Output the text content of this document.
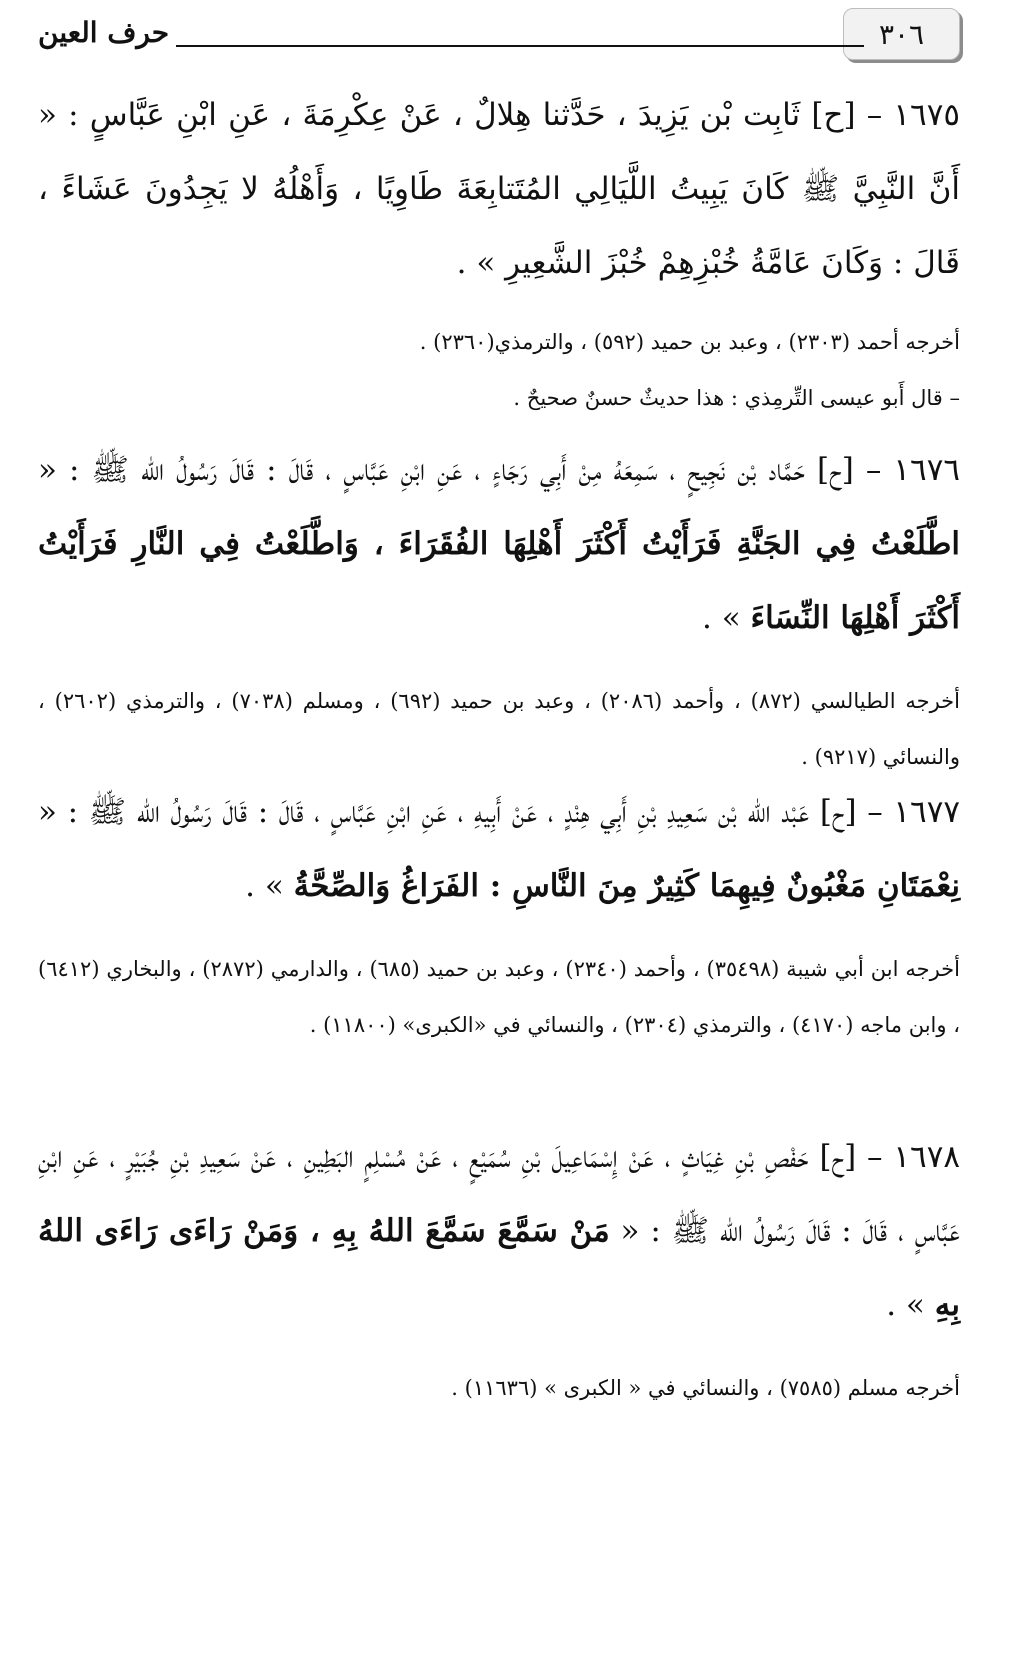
٣٠٦
حرف العين

١٦٧٥ – [ح] ثَابِت بْن يَزِيدَ ، حَدَّثنا هِلالٌ ، عَنْ عِكْرِمَةَ ، عَنِ ابْنِ عَبَّاسٍ : « أَنَّ النَّبِيَّ ﷺ كَانَ يَبِيتُ اللَّيَالِي المُتَتابِعَةَ طَاوِيًا ، وَأَهْلُهُ لا يَجِدُونَ عَشَاءً ، قَالَ : وَكَانَ عَامَّةُ خُبْزِهِمْ خُبْزَ الشَّعِيرِ » .

أخرجه أحمد (٢٣٠٣) ، وعبد بن حميد (٥٩٢) ، والترمذي(٢٣٦٠) .

– قال أَبو عيسى التِّرمِذي : هذا حديثٌ حسنٌ صحيحٌ .

١٦٧٦ – [ح] حَمَّاد بْن نَجِيحٍ ، سَمِعَهُ مِنْ أَبِي رَجَاءٍ ، عَنِ ابْنِ عَبَّاسٍ ، قَالَ : قَالَ رَسُولُ الله ﷺ : « اطَّلَعْتُ فِي الجَنَّةِ فَرَأَيْتُ أَكْثَرَ أَهْلِهَا الفُقَرَاءَ ، وَاطَّلَعْتُ فِي النَّارِ فَرَأَيْتُ أَكْثَرَ أَهْلِهَا النِّسَاءَ » .

أخرجه الطيالسي (٨٧٢) ، وأحمد (٢٠٨٦) ، وعبد بن حميد (٦٩٢) ، ومسلم (٧٠٣٨) ، والترمذي (٢٦٠٢) ، والنسائي (٩٢١٧) .

١٦٧٧ – [ح] عَبْد الله بْن سَعِيدِ بْنِ أَبِي هِنْدٍ ، عَنْ أَبِيهِ ، عَنِ ابْنِ عَبَّاسٍ ، قَالَ : قَالَ رَسُولُ الله ﷺ : « نِعْمَتَانِ مَغْبُونٌ فِيهِمَا كَثِيرٌ مِنَ النَّاسِ : الفَرَاغُ وَالصِّحَّةُ » .

أخرجه ابن أبي شيبة (٣٥٤٩٨) ، وأحمد (٢٣٤٠) ، وعبد بن حميد (٦٨٥) ، والدارمي (٢٨٧٢) ، والبخاري (٦٤١٢) ، وابن ماجه (٤١٧٠) ، والترمذي (٢٣٠٤) ، والنسائي في «الكبرى» (١١٨٠٠) .

١٦٧٨ – [ح] حَفْصِ بْنِ غِيَاثٍ ، عَنْ إِسْمَاعِيلَ بْنِ سُمَيْعٍ ، عَنْ مُسْلِمٍ البَطِينِ ، عَنْ سَعِيدِ بْنِ جُبَيْرٍ ، عَنِ ابْنِ عَبَّاسٍ ، قَالَ : قَالَ رَسُولُ الله ﷺ : « مَنْ سَمَّعَ سَمَّعَ اللهُ بِهِ ، وَمَنْ رَاءَى رَاءَى اللهُ بِهِ » .

أخرجه مسلم (٧٥٨٥) ، والنسائي في « الكبرى » (١١٦٣٦) .
